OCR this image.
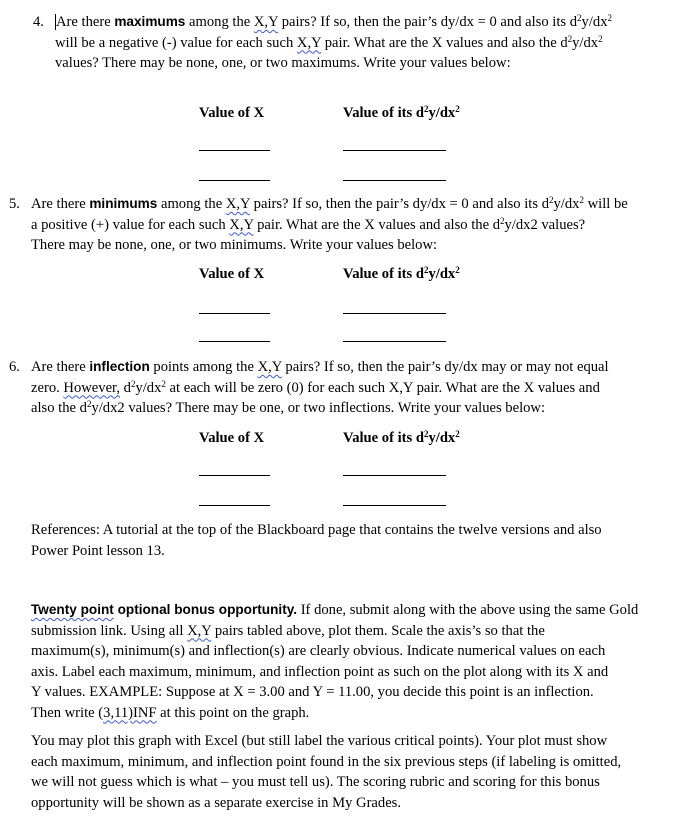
4. Are there maximums among the X,Y pairs? If so, then the pair’s dy/dx = 0 and also its $d^2y/dx^2$

will be a negative (-) value for each such X,Y pair. What are the X values and also the $d^2y/dx^2$

values? There may be none, one, or two maximums. Write your values below:

Value of X	Value of its $d^2y/dx^2$
5. Are there minimums among the X,Y pairs? If so, then the pair’s dy/dx = 0 and also its $d^2y/dx^2$ will be

a positive (+) value for each such X,Y pair. What are the X values and also the $d^2y/dx2$ values?

There may be none, one, or two minimums. Write your values below:

Value of X	Value of its $d^2y/dx^2$
6. Are there inflection points among the X,Y pairs? If so, then the pair’s dy/dx may or may not equal

zero. However, $d^2y/dx^2$ at each will be zero (0) for each such X,Y pair. What are the X values and

also the $d^2y/dx2$ values? There may be one, or two inflections. Write your values below:

Value of X	Value of its $d^2y/dx^2$

References: A tutorial at the top of the Blackboard page that contains the twelve versions and also

Power Point lesson 13.

Twenty point optional bonus opportunity. If done, submit along with the above using the same Gold

submission link. Using all X,Y pairs tabled above, plot them. Scale the axis’s so that the

maximum(s), minimum(s) and inflection(s) are clearly obvious. Indicate numerical values on each

axis. Label each maximum, minimum, and inflection point as such on the plot along with its X and

Y values. EXAMPLE: Suppose at X = 3.00 and Y = 11.00, you decide this point is an inflection.

Then write (3,11)INF at this point on the graph.

You may plot this graph with Excel (but still label the various critical points). Your plot must show

each maximum, minimum, and inflection point found in the six previous steps (if labeling is omitted,

we will not guess which is what – you must tell us). The scoring rubric and scoring for this bonus

opportunity will be shown as a separate exercise in My Grades.
